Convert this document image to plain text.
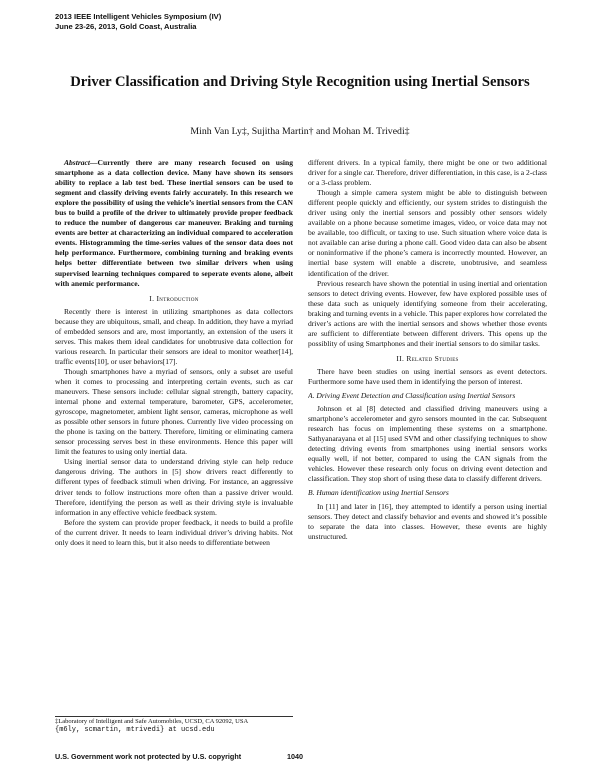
2013 IEEE Intelligent Vehicles Symposium (IV)
June 23-26, 2013, Gold Coast, Australia
Driver Classification and Driving Style Recognition using Inertial Sensors
Minh Van Ly‡, Sujitha Martin† and Mohan M. Trivedi‡

Abstract—Currently there are many research focused on using smartphone as a data collection device. Many have shown its sensors ability to replace a lab test bed. These inertial sensors can be used to segment and classify driving events fairly accurately. In this research we explore the possibility of using the vehicle’s inertial sensors from the CAN bus to build a profile of the driver to ultimately provide proper feedback to reduce the number of dangerous car maneuver. Braking and turning events are better at characterizing an individual compared to acceleration events. Histogramming the time-series values of the sensor data does not help performance. Furthermore, combining turning and braking events helps better differentiate between two similar drivers when using supervised learning techniques compared to seperate events alone, albeit with anemic performance.

I. Introduction

Recently there is interest in utilizing smartphones as data collectors because they are ubiquitous, small, and cheap. In addition, they have a myriad of embedded sensors and are, most importantly, an extension of the users it serves. This makes them ideal candidates for unobtrusive data collection for various research. In particular their sensors are ideal to monitor weather[14], traffic events[10], or user behaviors[17].

Though smartphones have a myriad of sensors, only a subset are useful when it comes to processing and interpreting certain events, such as car maneuvers. These sensors include: cellular signal strength, battery capacity, internal phone and external temperature, barometer, GPS, accelerometer, gyroscope, magnetometer, ambient light sensor, cameras, microphone as well as possible other sensors in future phones. Currently live video processing on the phone is taxing on the battery. Therefore, limiting or eliminating camera sensor processing serves best in these environments. Hence this paper will limit the features to using only inertial data.

Using inertial sensor data to understand driving style can help reduce dangerous driving. The authors in [5] show drivers react differently to different types of feedback stimuli when driving. For instance, an aggressive driver tends to follow instructions more often than a passive driver would. Therefore, identifying the person as well as their driving style is invaluable information in any effective vehicle feedback system.

Before the system can provide proper feedback, it needs to build a profile of the current driver. It needs to learn individual driver’s driving habits. Not only does it need to learn this, but it also needs to differentiate between

‡Laboratory of Intelligent and Safe Automobiles, UCSD, CA 92092, USA
{m6ly, scmartin, mtrivedi} at ucsd.edu

different drivers. In a typical family, there might be one or two additional driver for a single car. Therefore, driver differentiation, in this case, is a 2-class or a 3-class problem.

Though a simple camera system might be able to distinguish between different people quickly and efficiently, our system strides to distinguish the driver using only the inertial sensors and possibly other sensors widely available on a phone because sometime images, video, or voice data may not be available, too difficult, or taxing to use. Such situation where voice data is not available can arise during a phone call. Good video data can also be absent or noninformative if the phone’s camera is incorrectly mounted. However, an inertial base system will enable a discrete, unobtrusive, and seamless identification of the driver.

Previous research have shown the potential in using inertial and orientation sensors to detect driving events. However, few have explored possible uses of these data such as uniquely identifying someone from their accelerating, braking and turning events in a vehicle. This paper explores how correlated the driver’s actions are with the inertial sensors and shows whether those events are sufficient to differentiate between different drivers. This opens up the possiblity of using Smartphones and their inertial sensors to do similar tasks.

II. Related Studies

There have been studies on using inertial sensors as event detectors. Furthermore some have used them in identifying the person of interest.

A. Driving Event Detection and Classification using Inertial Sensors

Johnson et al [8] detected and classified driving maneuvers using a smartphone’s accelerometer and gyro sensors mounted in the car. Subsequent research has focus on implementing these systems on a smartphone. Sathyanarayana et al [15] used SVM and other classifying techniques to show detecting driving events from smartphones using inertial sensors works equally well, if not better, compared to using the CAN signals from the vehicles. However these research only focus on driving event detection and classification. They stop short of using these data to classify different drivers.

B. Human identification using Inertial Sensors

In [11] and later in [16], they attempted to identify a person using inertial sensors. They detect and classify behavior and events and showed it’s possible to separate the data into classes. However, these events are highly unstructured.

U.S. Government work not protected by U.S. copyright	1040
